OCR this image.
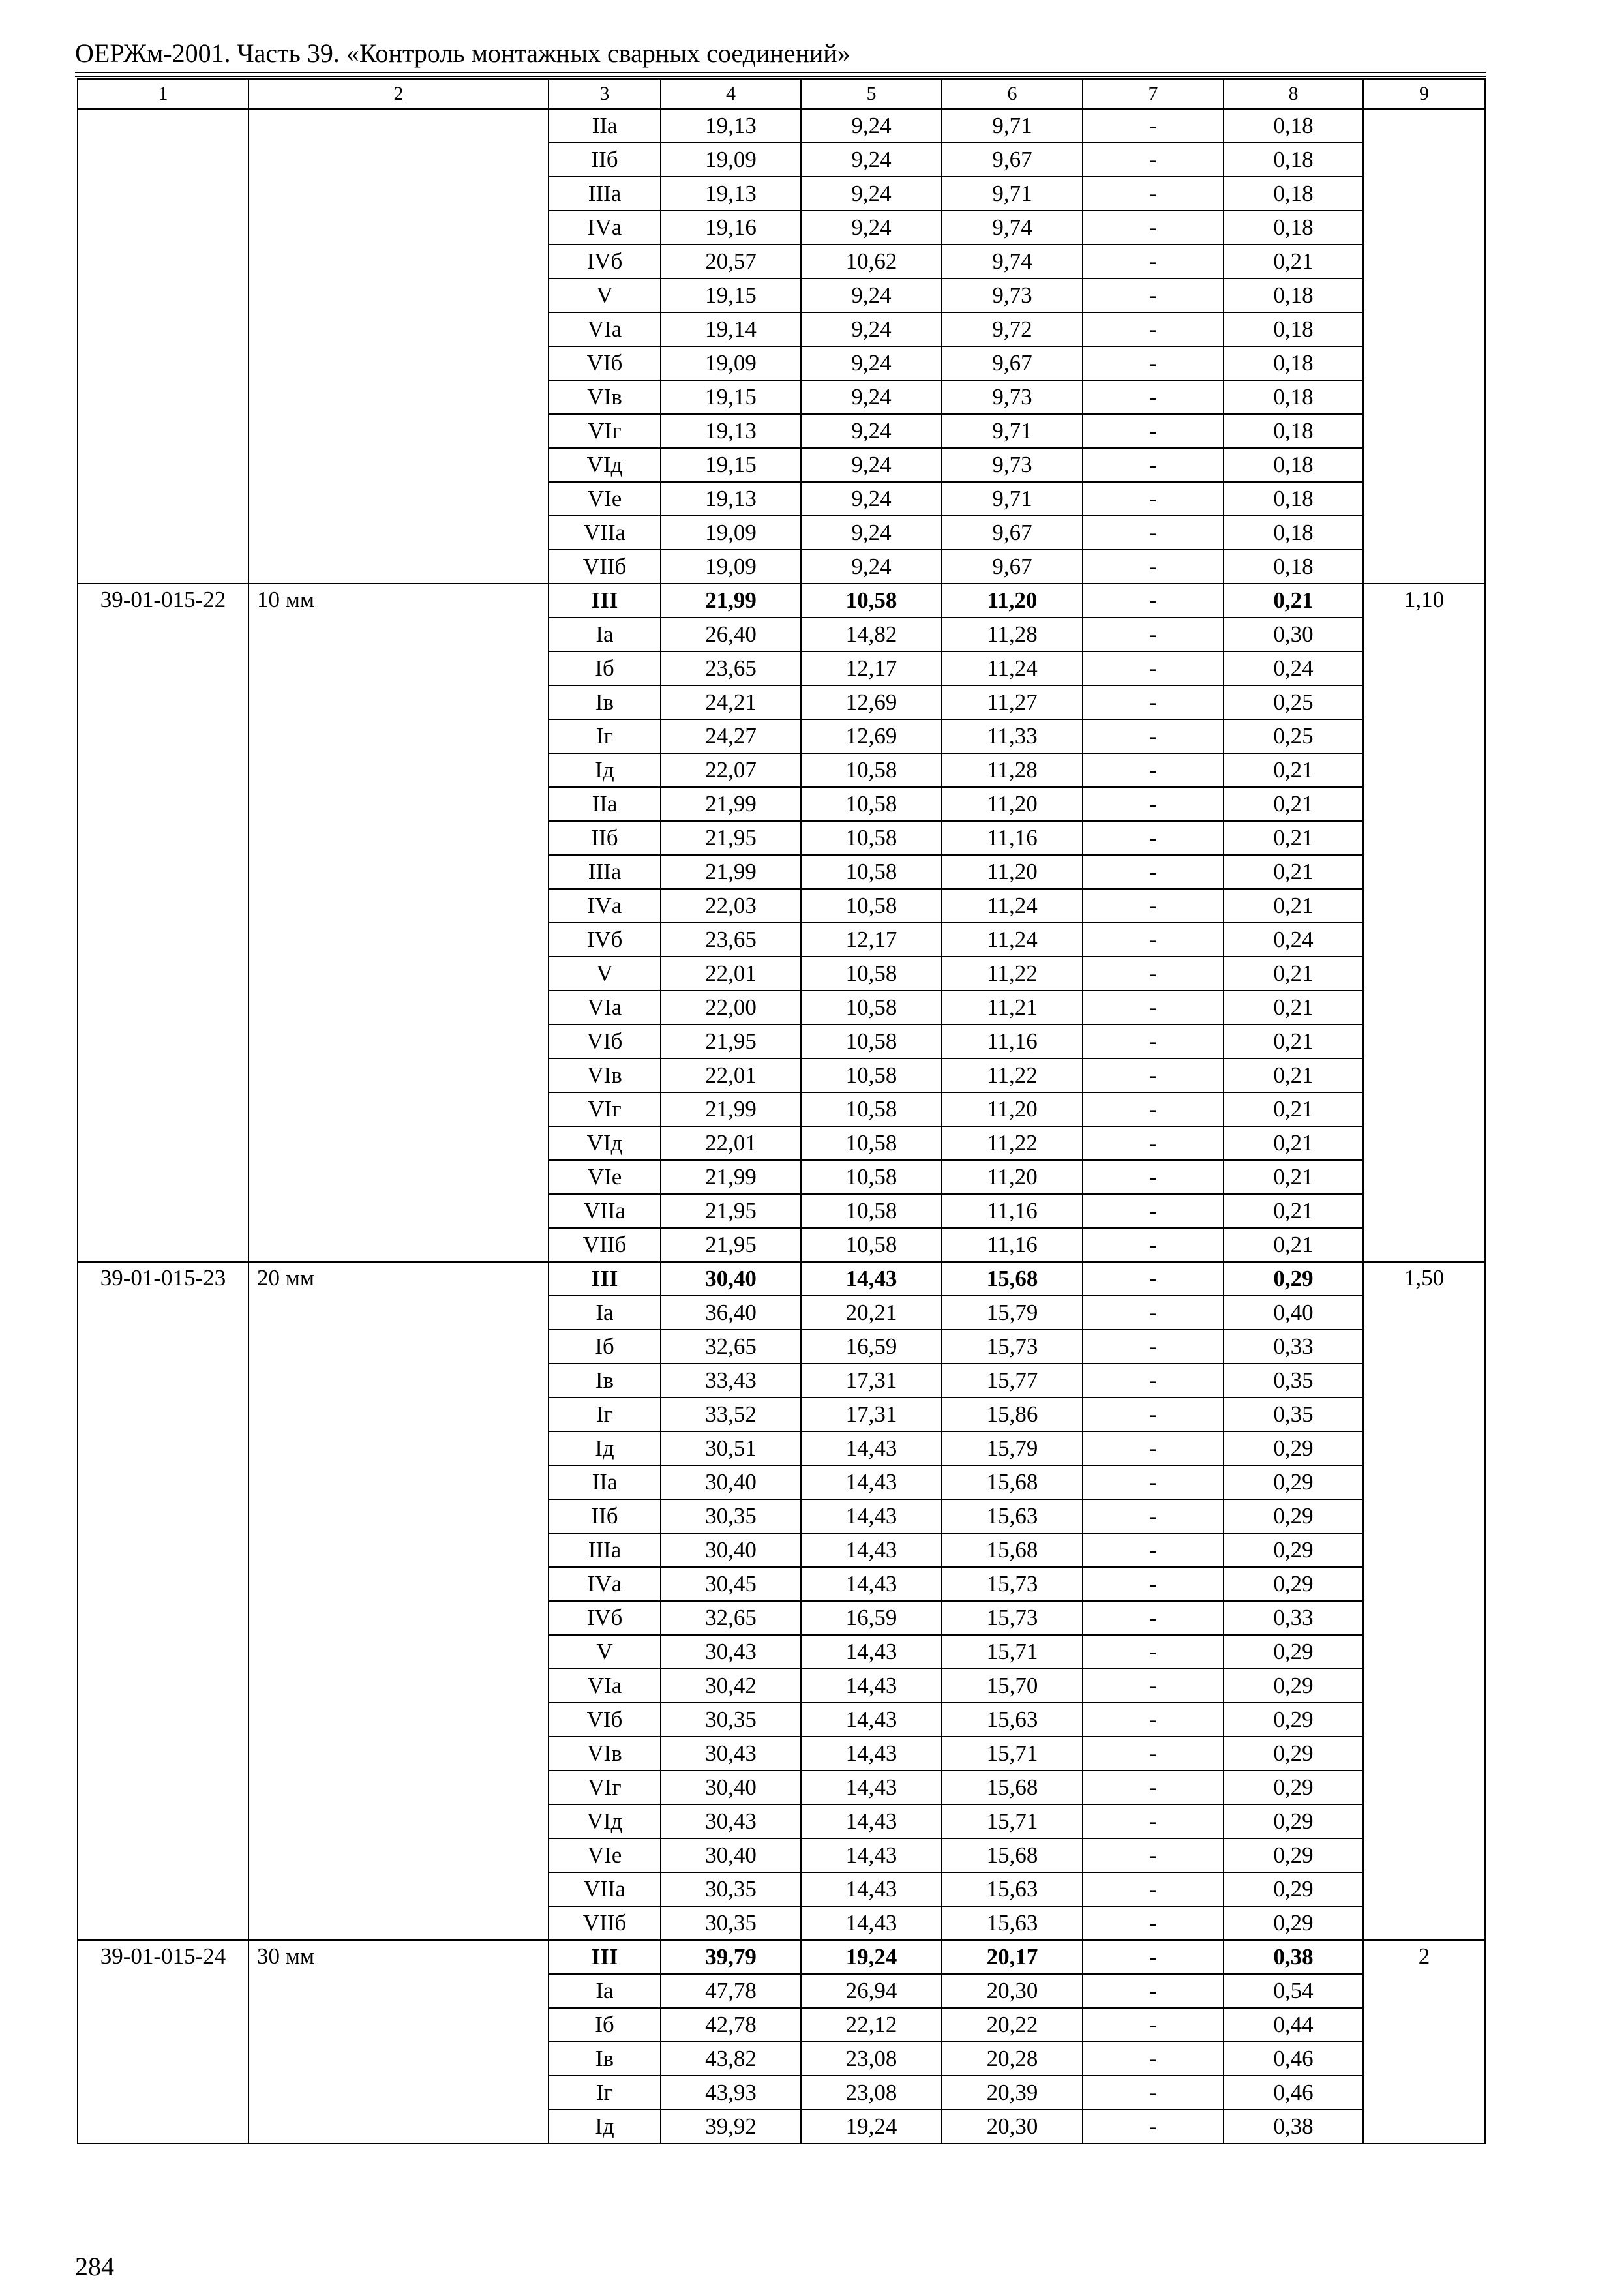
ОЕРЖм-2001. Часть 39. «Контроль монтажных сварных соединений»
1	2	3	4	5	6	7	8	9
		IIа	19,13	9,24	9,71	-	0,18	
		IIб	19,09	9,24	9,67	-	0,18	
		IIIа	19,13	9,24	9,71	-	0,18	
		IVа	19,16	9,24	9,74	-	0,18	
		IVб	20,57	10,62	9,74	-	0,21	
		V	19,15	9,24	9,73	-	0,18	
		VIа	19,14	9,24	9,72	-	0,18	
		VIб	19,09	9,24	9,67	-	0,18	
		VIв	19,15	9,24	9,73	-	0,18	
		VIг	19,13	9,24	9,71	-	0,18	
		VIд	19,15	9,24	9,73	-	0,18	
		VIе	19,13	9,24	9,71	-	0,18	
		VIIа	19,09	9,24	9,67	-	0,18	
		VIIб	19,09	9,24	9,67	-	0,18	
39-01-015-22	10 мм	III	21,99	10,58	11,20	-	0,21	1,10
		Iа	26,40	14,82	11,28	-	0,30	
		Iб	23,65	12,17	11,24	-	0,24	
		Iв	24,21	12,69	11,27	-	0,25	
		Iг	24,27	12,69	11,33	-	0,25	
		Iд	22,07	10,58	11,28	-	0,21	
		IIа	21,99	10,58	11,20	-	0,21	
		IIб	21,95	10,58	11,16	-	0,21	
		IIIа	21,99	10,58	11,20	-	0,21	
		IVа	22,03	10,58	11,24	-	0,21	
		IVб	23,65	12,17	11,24	-	0,24	
		V	22,01	10,58	11,22	-	0,21	
		VIа	22,00	10,58	11,21	-	0,21	
		VIб	21,95	10,58	11,16	-	0,21	
		VIв	22,01	10,58	11,22	-	0,21	
		VIг	21,99	10,58	11,20	-	0,21	
		VIд	22,01	10,58	11,22	-	0,21	
		VIе	21,99	10,58	11,20	-	0,21	
		VIIа	21,95	10,58	11,16	-	0,21	
		VIIб	21,95	10,58	11,16	-	0,21	
39-01-015-23	20 мм	III	30,40	14,43	15,68	-	0,29	1,50
		Iа	36,40	20,21	15,79	-	0,40	
		Iб	32,65	16,59	15,73	-	0,33	
		Iв	33,43	17,31	15,77	-	0,35	
		Iг	33,52	17,31	15,86	-	0,35	
		Iд	30,51	14,43	15,79	-	0,29	
		IIа	30,40	14,43	15,68	-	0,29	
		IIб	30,35	14,43	15,63	-	0,29	
		IIIа	30,40	14,43	15,68	-	0,29	
		IVа	30,45	14,43	15,73	-	0,29	
		IVб	32,65	16,59	15,73	-	0,33	
		V	30,43	14,43	15,71	-	0,29	
		VIа	30,42	14,43	15,70	-	0,29	
		VIб	30,35	14,43	15,63	-	0,29	
		VIв	30,43	14,43	15,71	-	0,29	
		VIг	30,40	14,43	15,68	-	0,29	
		VIд	30,43	14,43	15,71	-	0,29	
		VIе	30,40	14,43	15,68	-	0,29	
		VIIа	30,35	14,43	15,63	-	0,29	
		VIIб	30,35	14,43	15,63	-	0,29	
39-01-015-24	30 мм	III	39,79	19,24	20,17	-	0,38	2
		Iа	47,78	26,94	20,30	-	0,54	
		Iб	42,78	22,12	20,22	-	0,44	
		Iв	43,82	23,08	20,28	-	0,46	
		Iг	43,93	23,08	20,39	-	0,46	
		Iд	39,92	19,24	20,30	-	0,38	
284
